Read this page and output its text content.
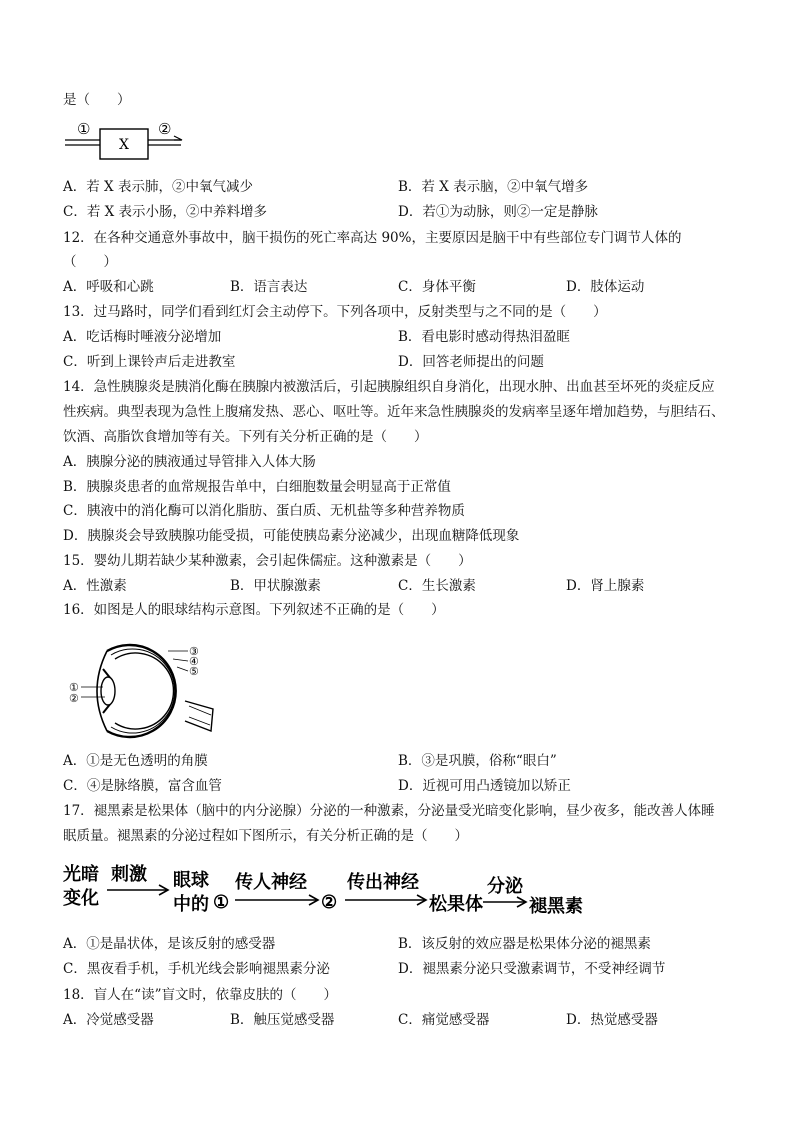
是（　　）
①	②
X
A．若 X 表示肺，②中氧气减少	B．若 X 表示脑，②中氧气增多
C．若 X 表示小肠，②中养料增多	D．若①为动脉，则②一定是静脉
12．在各种交通意外事故中，脑干损伤的死亡率高达 90%，主要原因是脑干中有些部位专门调节人体的
（　　）
A．呼吸和心跳	B．语言表达	C．身体平衡	D．肢体运动
13．过马路时，同学们看到红灯会主动停下。下列各项中，反射类型与之不同的是（　　）
A．吃话梅时唾液分泌增加	B．看电影时感动得热泪盈眶
C．听到上课铃声后走进教室	D．回答老师提出的问题
14．急性胰腺炎是胰消化酶在胰腺内被激活后，引起胰腺组织自身消化，出现水肿、出血甚至坏死的炎症反应
性疾病。典型表现为急性上腹痛发热、恶心、呕吐等。近年来急性胰腺炎的发病率呈逐年增加趋势，与胆结石、
饮酒、高脂饮食增加等有关。下列有关分析正确的是（　　）
A．胰腺分泌的胰液通过导管排入人体大肠
B．胰腺炎患者的血常规报告单中，白细胞数量会明显高于正常值
C．胰液中的消化酶可以消化脂肪、蛋白质、无机盐等多种营养物质
D．胰腺炎会导致胰腺功能受损，可能使胰岛素分泌减少，出现血糖降低现象
15．婴幼儿期若缺少某种激素，会引起侏儒症。这种激素是（　　）
A．性激素	B．甲状腺激素	C．生长激素	D．肾上腺素
16．如图是人的眼球结构示意图。下列叙述不正确的是（　　）
③
④
⑤
①
②
A．①是无色透明的角膜	B．③是巩膜，俗称“眼白”
C．④是脉络膜，富含血管	D．近视可用凸透镜加以矫正
17．褪黑素是松果体（脑中的内分泌腺）分泌的一种激素，分泌量受光暗变化影响，昼少夜多，能改善人体睡
眠质量。褪黑素的分泌过程如下图所示，有关分析正确的是（　　）
光暗
变化
刺激 眼球
中的 ①
传人神经
②
传出神经
松果体
分泌
褪黑素
A．①是晶状体，是该反射的感受器	B．该反射的效应器是松果体分泌的褪黑素
C．黑夜看手机，手机光线会影响褪黑素分泌	D．褪黑素分泌只受激素调节，不受神经调节
18．盲人在“读”盲文时，依靠皮肤的（　　）
A．冷觉感受器	B．触压觉感受器	C．痛觉感受器	D．热觉感受器
